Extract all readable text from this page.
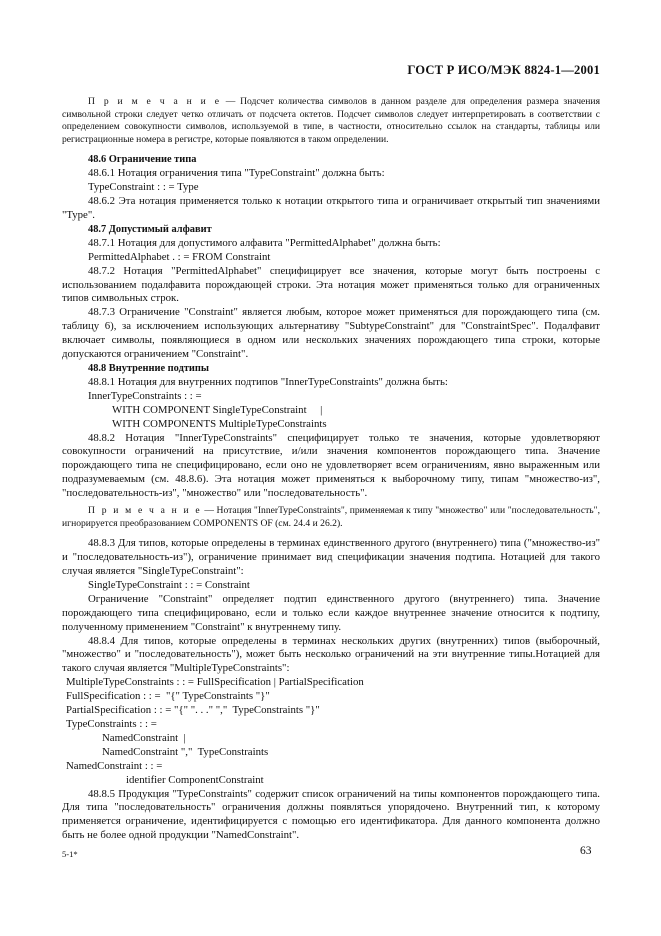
ГОСТ Р ИСО/МЭК 8824-1—2001

П р и м е ч а н и е — Подсчет количества символов в данном разделе для определения размера значения символьной строки следует четко отличать от подсчета октетов. Подсчет символов следует интерпретировать в соответствии с определением совокупности символов, используемой в типе, в частности, относительно ссылок на стандарты, таблицы или регистрационные номера в регистре, которые появляются в таком определении.

48.6 Ограничение типа

48.6.1 Нотация ограничения типа "TypeConstraint" должна быть:

TypeConstraint : : = Type

48.6.2 Эта нотация применяется только к нотации открытого типа и ограничивает открытый тип значениями "Type".

48.7 Допустимый алфавит

48.7.1 Нотация для допустимого алфавита "PermittedAlphabet" должна быть:

PermittedAlphabet . : = FROM Constraint

48.7.2 Нотация "PermittedAlphabet" специфицирует все значения, которые могут быть построены с использованием подалфавита порождающей строки. Эта нотация может применяться только для ограниченных типов символьных строк.

48.7.3 Ограничение "Constraint" является любым, которое может применяться для порождающего типа (см. таблицу 6), за исключением использующих альтернативу "SubtypeConstraint" для "ConstraintSpec". Подалфавит включает символы, появляющиеся в одном или нескольких значениях порождающего типа строки, которые допускаются ограничением "Constraint".

48.8 Внутренние подтипы

48.8.1 Нотация для внутренних подтипов "InnerTypeConstraints" должна быть:

InnerTypeConstraints : : =

WITH COMPONENT SingleTypeConstraint     |

WITH COMPONENTS MultipleTypeConstraints

48.8.2 Нотация "InnerTypeConstraints" специфицирует только те значения, которые удовлетворяют совокупности ограничений на присутствие, и/или значения компонентов порождающего типа. Значение порождающего типа не специфицировано, если оно не удовлетворяет всем ограничениям, явно выраженным или подразумеваемым (см. 48.8.6). Эта нотация может применяться к выборочному типу, типам "множество-из", "последовательность-из", "множество" или "последовательность".

П р и м е ч а н и е — Нотация "InnerTypeConstraints", применяемая к типу "множество" или "последовательность", игнорируется преобразованием COMPONENTS OF (см. 24.4 и 26.2).

48.8.3 Для типов, которые определены в терминах единственного другого (внутреннего) типа ("множество-из" и "последовательность-из"), ограничение принимает вид спецификации значения подтипа. Нотацией для такого случая является "SingleTypeConstraint":

SingleTypeConstraint : : = Constraint

Ограничение "Constraint" определяет подтип единственного другого (внутреннего) типа. Значение порождающего типа специфицировано, если и только если каждое внутреннее значение относится к подтипу, полученному применением "Constraint" к внутреннему типу.

48.8.4 Для типов, которые определены в терминах нескольких других (внутренних) типов (выборочный, "множество" и "последовательность"), может быть несколько ограничений на эти внутренние типы.Нотацией для такого случая является "MultipleTypeConstraints":

MultipleTypeConstraints : : = FullSpecification | PartialSpecification

FullSpecification : : =  "{" TypeConstraints "}"

PartialSpecification : : = "{" ". . ." ","  TypeConstraints "}"

TypeConstraints : : =

NamedConstraint  |

NamedConstraint ","  TypeConstraints

NamedConstraint : : =

identifier ComponentConstraint

48.8.5 Продукция "TypeConstraints" содержит список ограничений на типы компонентов порождающего типа. Для типа "последовательность" ограничения должны появляться упорядочено. Внутренний тип, к которому применяется ограничение, идентифицируется с помощью его идентификатора. Для данного компонента должно быть не более одной продукции "NamedConstraint".

5-1*	63
